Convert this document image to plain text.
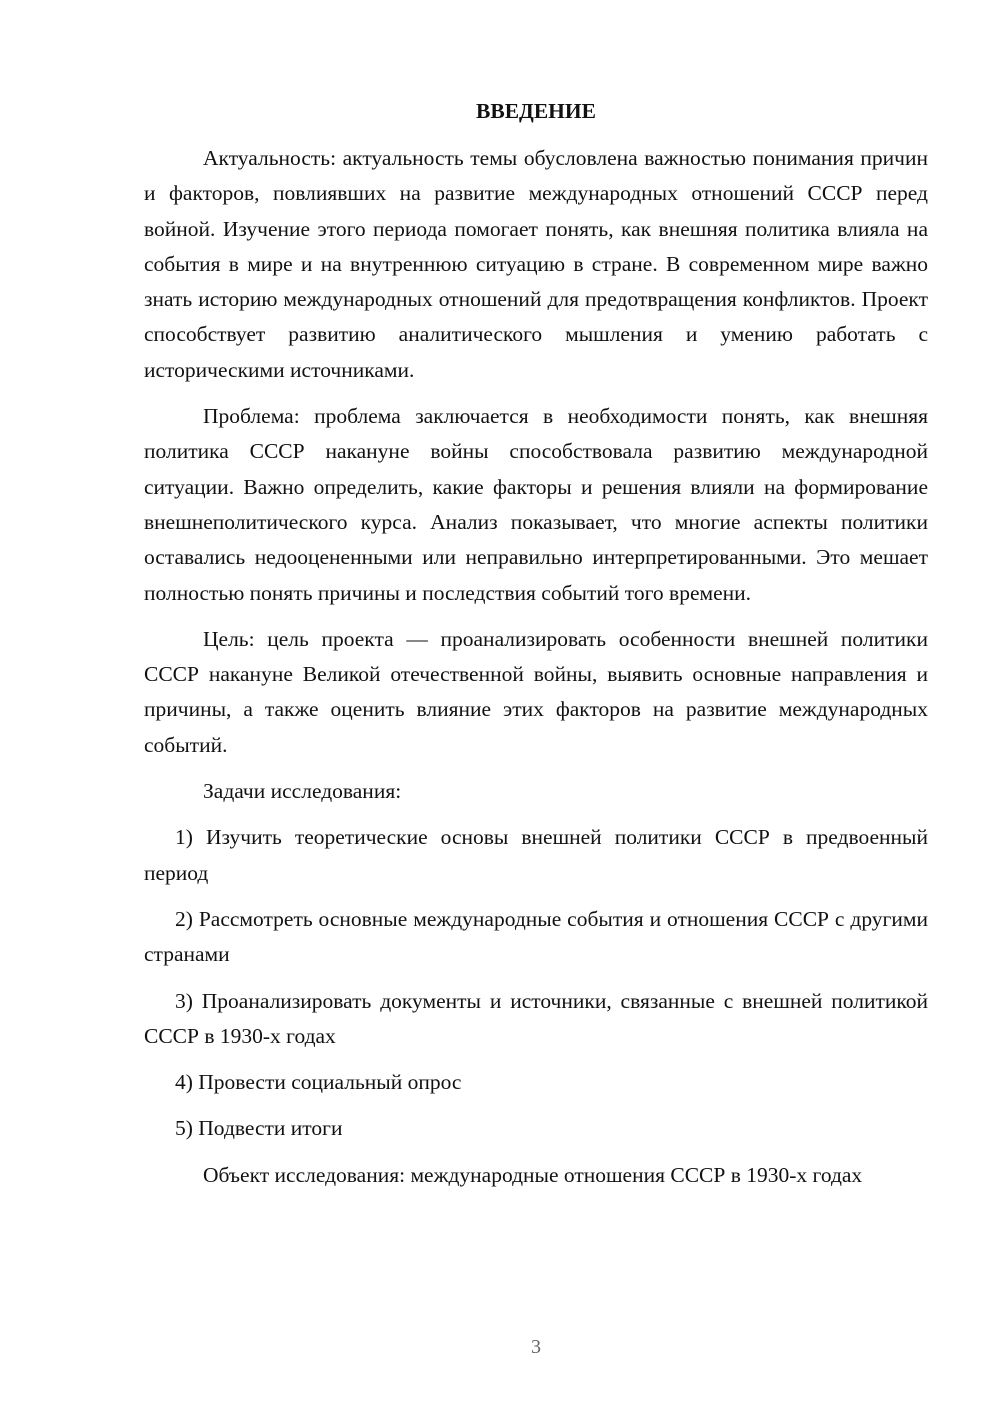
ВВЕДЕНИЕ

Актуальность: актуальность темы обусловлена важностью понимания причин и факторов, повлиявших на развитие международных отношений СССР перед войной. Изучение этого периода помогает понять, как внешняя политика влияла на события в мире и на внутреннюю ситуацию в стране. В современном мире важно знать историю международных отношений для предотвращения конфликтов. Проект способствует развитию аналитического мышления и умению работать с историческими источниками.

Проблема: проблема заключается в необходимости понять, как внешняя политика СССР накануне войны способствовала развитию международной ситуации. Важно определить, какие факторы и решения влияли на формирование внешнеполитического курса. Анализ показывает, что многие аспекты политики оставались недооцененными или неправильно интерпретированными. Это мешает полностью понять причины и последствия событий того времени.

Цель: цель проекта — проанализировать особенности внешней политики СССР накануне Великой отечественной войны, выявить основные направления и причины, а также оценить влияние этих факторов на развитие международных событий.

Задачи исследования:

1) Изучить теоретические основы внешней политики СССР в предвоенный период

2) Рассмотреть основные международные события и отношения СССР с другими странами

3) Проанализировать документы и источники, связанные с внешней политикой СССР в 1930-х годах

4) Провести социальный опрос

5) Подвести итоги

Объект исследования: международные отношения СССР в 1930-х годах

3
